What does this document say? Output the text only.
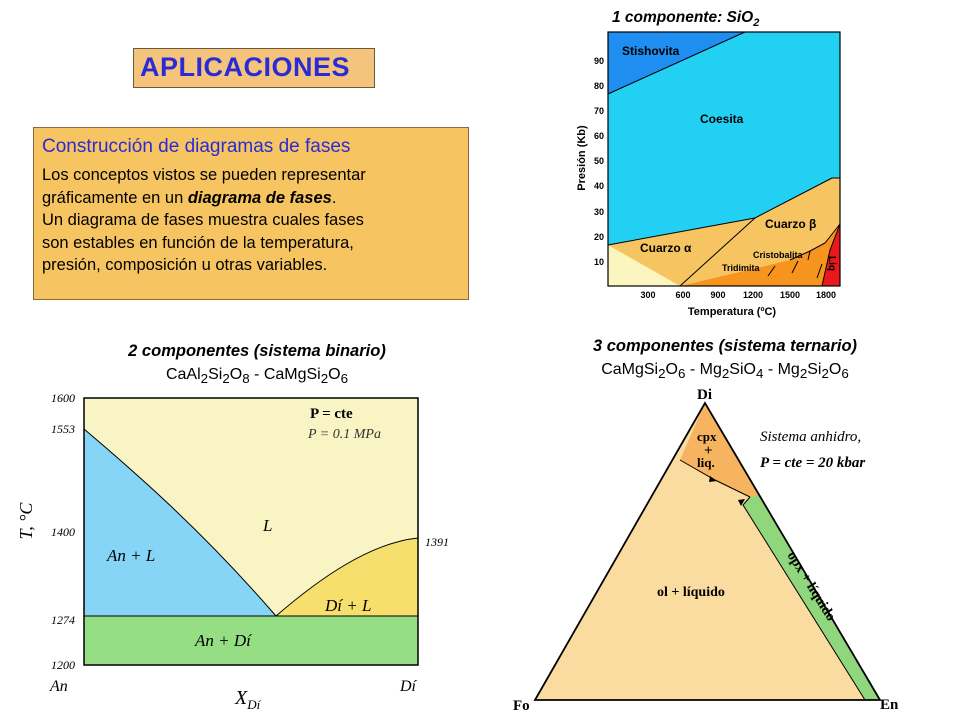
APLICACIONES
Construcción de diagramas de fases
Los conceptos vistos se pueden representar
gráficamente en un diagrama de fases.
Un diagrama de fases muestra cuales fases
son estables en función de la temperatura,
presión, composición u otras variables.
1 componente: SiO$_2$
10
20
30
40
50
60
70
80
90
300 600 900 1200 1500 1800
Temperatura (ºC)
Presión (Kb)
Stishovita
Coesita
Cuarzo β
Cuarzo α	Cristobalita
Tridimita	Liq
2 componentes (sistema binario)
$CaAl_2Si_2O_8$ - $CaMgSi_2O_6$
1600
1553
1400
1274
1200
1391
T, °C
An	Dí
$X_{Dí}$
P = cte
P = 0.1 MPa
L
An + L
Dí + L
An + Dí
3 componentes (sistema ternario)
$CaMgSi_2O_6 - Mg_2SiO_4 - Mg_2Si_2O_6$
Di
Fo	En
cpx
+
liq.
ol + líquido	opx + líquido
Sistema anhidro,
P = cte = 20 kbar
